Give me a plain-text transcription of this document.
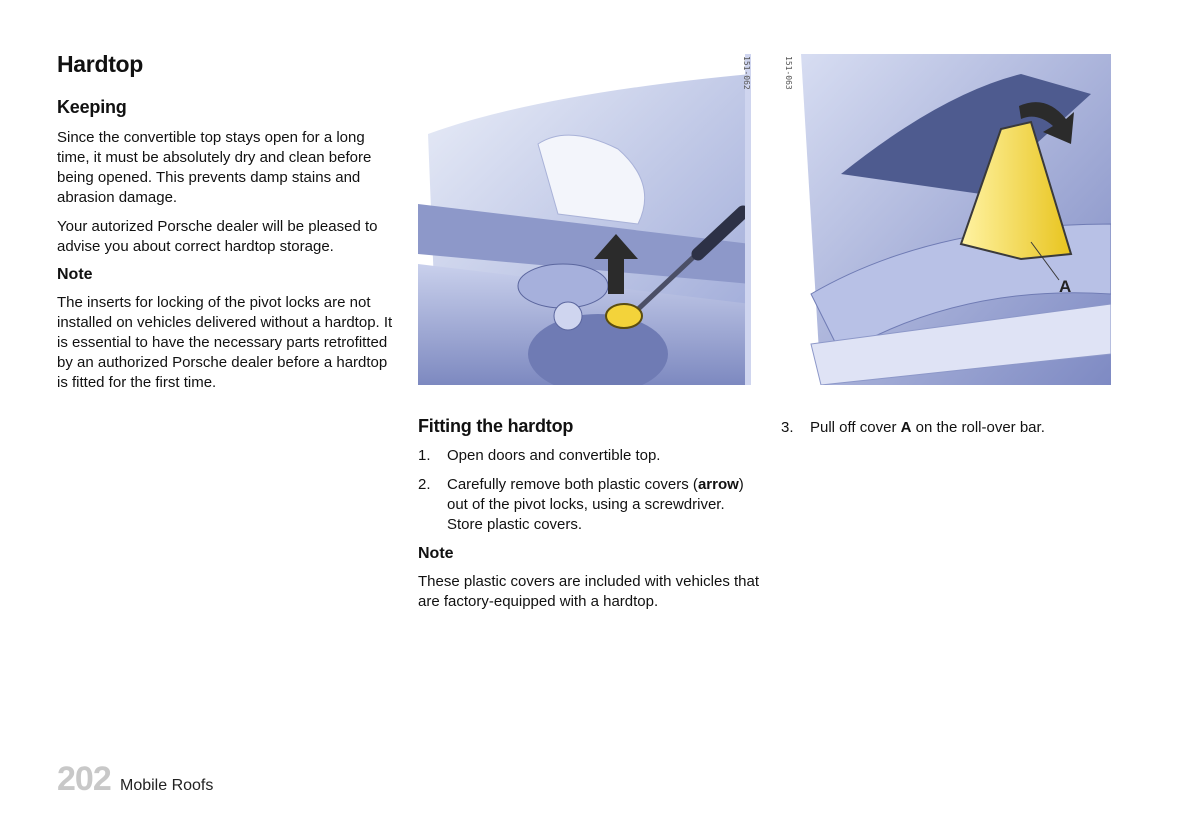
Hardtop
Keeping

Since the convertible top stays open for a long time, it must be absolutely dry and clean before being opened. This prevents damp stains and abrasion damage.

Your autorized Porsche dealer will be pleased to advise you about correct hardtop storage.

Note

The inserts for locking of the pivot locks are not installed on vehicles delivered without a hardtop. It is essential to have the necessary parts retrofitted by an authorized Porsche dealer before a hardtop is fitted for the first time.

151-062
A
151-063
Fitting the hardtop
1.	Open doors and convertible top.
2.	Carefully remove both plastic covers (arrow) out of the pivot locks, using a screwdriver. Store plastic covers.

Note

These plastic covers are included with vehicles that are factory-equipped with a hardtop.

3.	Pull off cover A on the roll-over bar.
202 Mobile Roofs
